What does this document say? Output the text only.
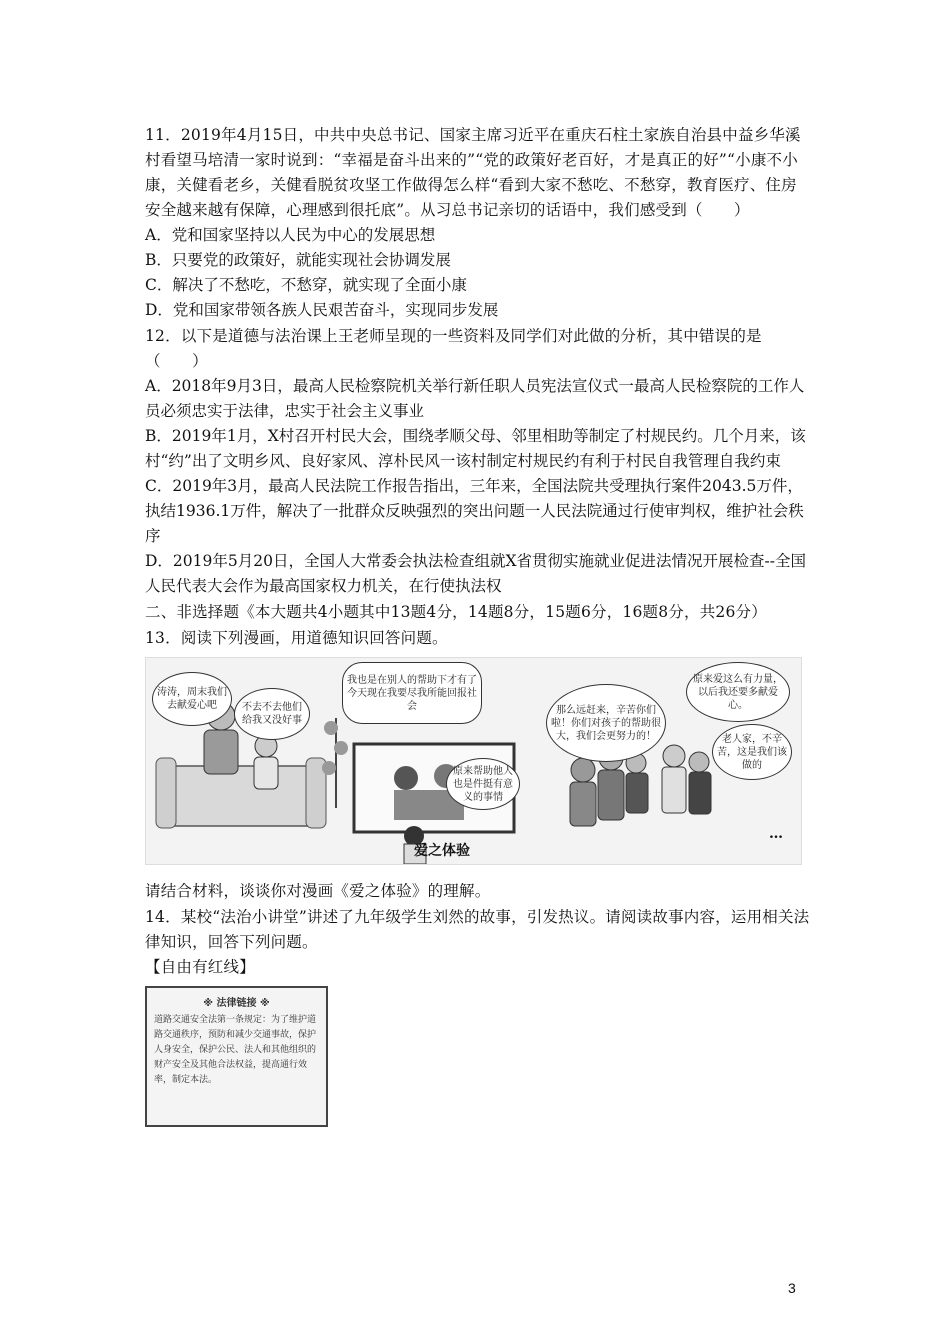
11．2019年4月15日，中共中央总书记、国家主席习近平在重庆石柱土家族自治县中益乡华溪村看望马培清一家时说到：“幸福是奋斗出来的”“党的政策好老百好，才是真正的好”“小康不小康，关健看老乡，关健看脱贫攻坚工作做得怎么样“看到大家不愁吃、不愁穿，教育医疗、住房安全越来越有保障，心理感到很托底”。从习总书记亲切的话语中，我们感受到（　　）

A．党和国家坚持以人民为中心的发展思想

B．只要党的政策好，就能实现社会协调发展

C．解决了不愁吃，不愁穿，就实现了全面小康

D．党和国家带领各族人民艰苦奋斗，实现同步发展

12．以下是道德与法治课上王老师呈现的一些资料及同学们对此做的分析，其中错误的是（　　）

A．2018年9月3日，最高人民检察院机关举行新任职人员宪法宣仪式一最高人民检察院的工作人员必须忠实于法律，忠实于社会主义事业

B．2019年1月，X村召开村民大会，围绕孝顺父母、邻里相助等制定了村规民约。几个月来，该村“约”出了文明乡风、良好家风、淳朴民风一该村制定村规民约有利于村民自我管理自我约束

C．2019年3月，最高人民法院工作报告指出，三年来，全国法院共受理执行案件2043.5万件，执结1936.1万件，解决了一批群众反映强烈的突出问题一人民法院通过行使审判权，维护社会秩序

D．2019年5月20日，全国人大常委会执法检查组就X省贯彻实施就业促进法情况开展检查--全国人民代表大会作为最高国家权力机关，在行使执法权

二、非选择题《本大题共4小题其中13题4分，14题8分，15题6分，16题8分，共26分）

13．阅读下列漫画，用道德知识回答问题。

涛涛，周末我们去献爱心吧	不去不去他们给我又没好事
我也是在别人的帮助下才有了今天现在我要尽我所能回报社会
原来帮助他人也是件挺有意义的事情
那么远赶来，辛苦你们啦！你们对孩子的帮助很大，我们会更努力的！
原来爱这么有力量，以后我还要多献爱心。
老人家，不辛苦，这是我们该做的
爱之体验
…

请结合材料，谈谈你对漫画《爱之体验》的理解。

14．某校“法治小讲堂”讲述了九年级学生刘然的故事，引发热议。请阅读故事内容，运用相关法律知识，回答下列问题。

【自由有红线】

※ 法律链接 ※
道路交通安全法第一条规定：为了维护道路交通秩序，预防和减少交通事故，保护人身安全，保护公民、法人和其他组织的财产安全及其他合法权益，提高通行效率，制定本法。
3
